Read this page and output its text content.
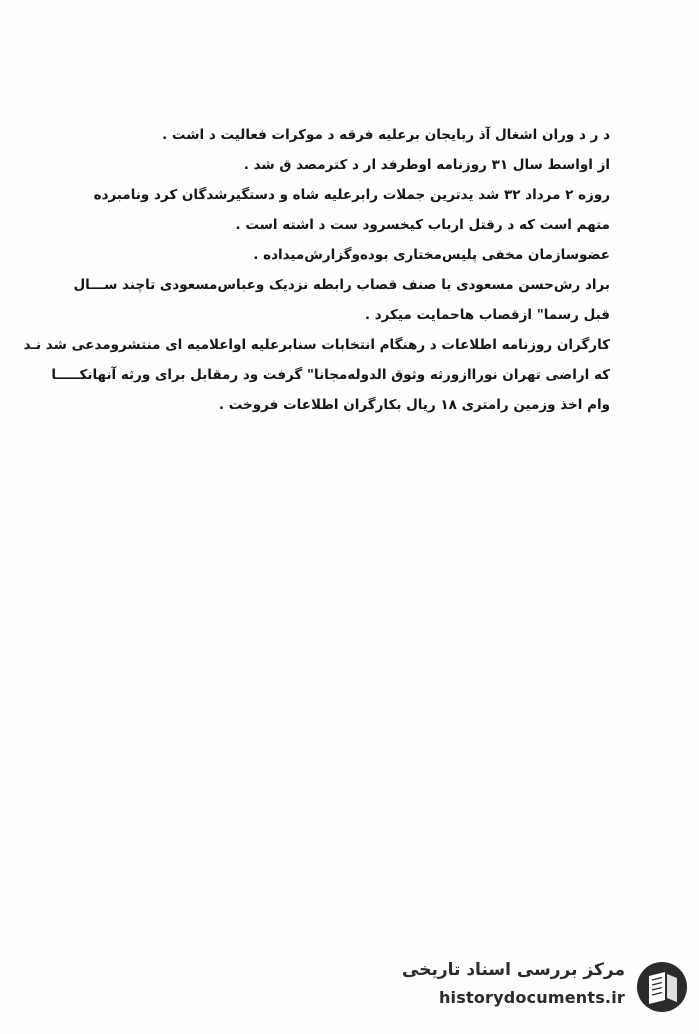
د ر د وران اشغال آذ ربایجان برعلیه فرقه د موکرات فعالیت د اشت .
از اواسط سال ۳۱ روزنامه اوطرفد ار د کترمصد ق شد .
روزه ۲ مرداد ۳۲ شد یدترین جملات رابرعلیه شاه و دستگیرشدگان کرد ونامبرده
متهم است که د رقتل ارباب کیخسرود ست د اشته است .
عضوسازمان مخفی پلیس‌مختاری بوده‌وگزارش‌میداده .
براد رش‌حسن مسعودی با صنف قصاب رابطه نزدیک وعباس‌مسعودی تاچند ســـال
قبل رسما" ازقصاب هاحمایت میکرد .
کارگران روزنامه اطلاعات د رهنگام انتخابات سنابرعلیه اواعلامیه ای منتشرومدعی شد نـد
که اراضی تهران نوراازورثه وثوق الدوله‌مجانا" گرفت ود رمقابل برای ورثه آنهانکـــــا
وام اخذ وزمین رامتری ۱۸ ریال بکارگران اطلاعات فروخت .
مرکز بررسی اسناد تاریخی
historydocuments.ir
